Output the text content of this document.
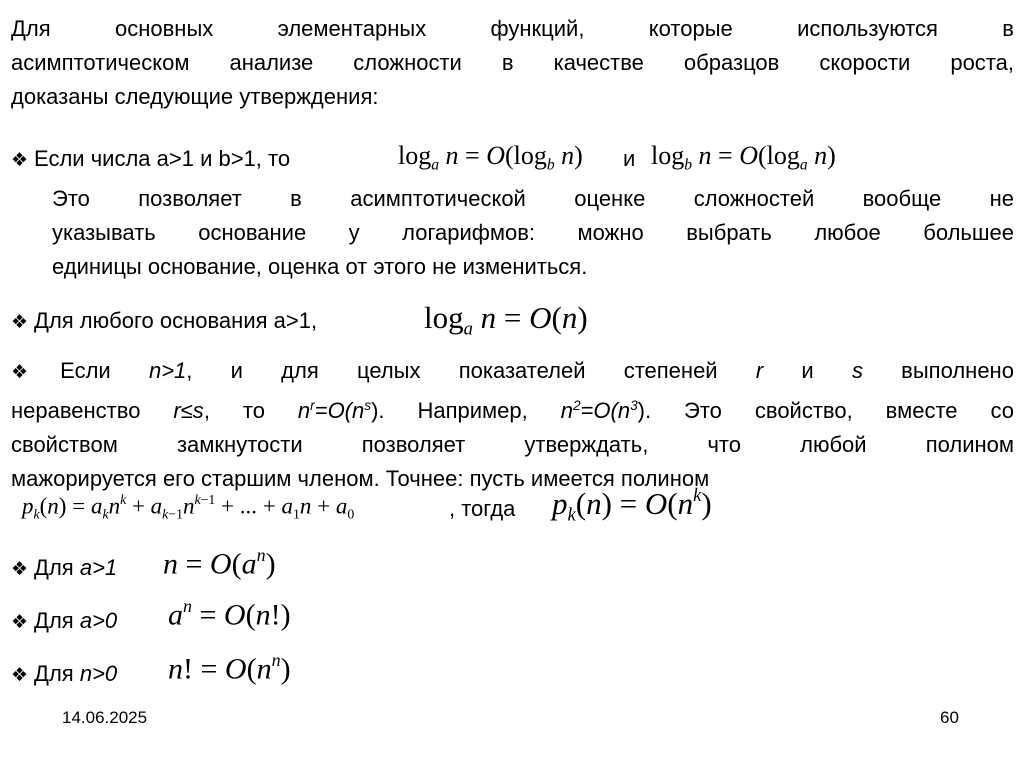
Для основных элементарных функций, которые используются в
асимптотическом анализе сложности в качестве образцов скорости роста,
доказаны следующие утверждения:
❖ Если числа a>1 и b>1, то	$\log_a n = O(\log_b$ n) и $\log_b n = O(\log_a$ n)
Это позволяет в асимптотической оценке сложностей вообще не
указывать основание у логарифмов: можно выбрать любое большее
единицы основание, оценка от этого не измениться.
❖ Для любого основания a>1,	$\log_a n = O(n)$
❖Если n>1, и для целых показателей степеней r и s выполнено
неравенство r≤s, то $n^r=O(n^s)$. Например, $n^2=O(n^3)$. Это свойство, вместе со
свойством замкнутости позволяет утверждать, что любой полином
мажорируется его старшим членом. Точнее: пусть имеется полином
$p_k(n) = a_kn^k + a_{k-1}n^{k-1}$ + ... + $a_1n + a_0$	, тогда $p_k(n) = O(n^k)$
❖ Для a>1 $n = O(a^n)$
❖ Для a>0 $a^n = O(n!)$
❖ Для n>0 n! = $O(n^n)$
14.06.2025	60
